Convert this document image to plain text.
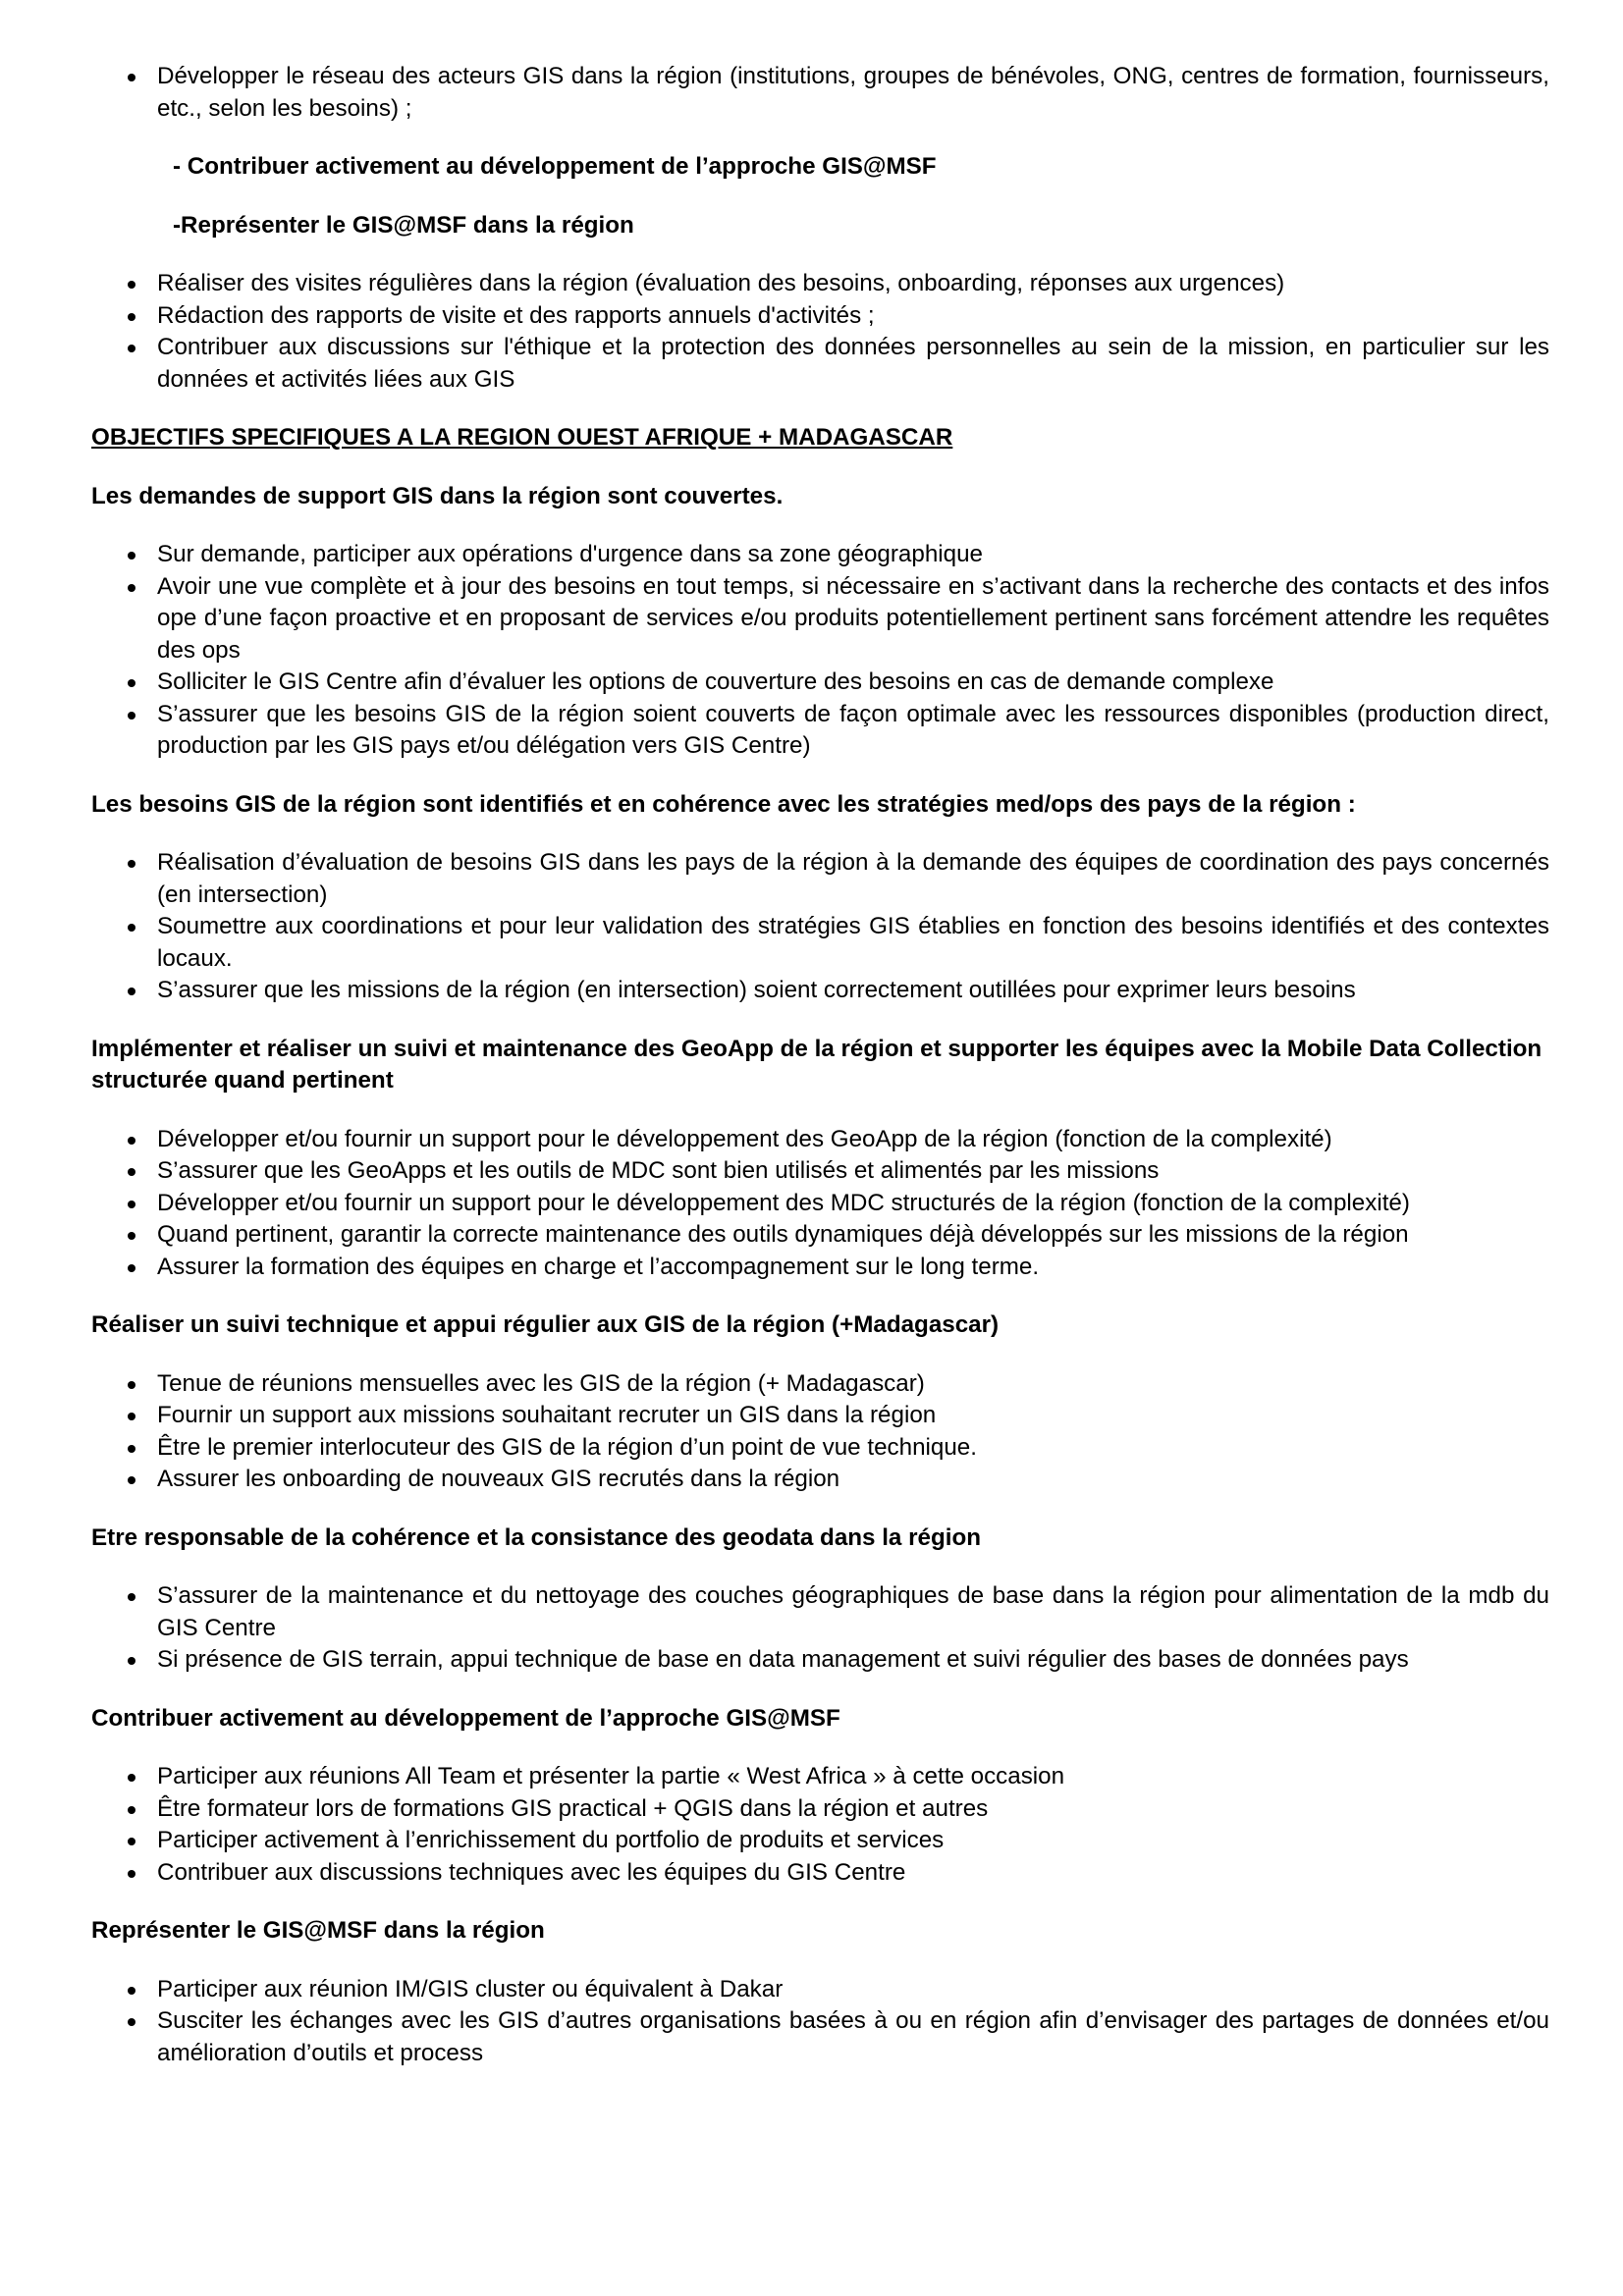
Développer le réseau des acteurs GIS dans la région (institutions, groupes de bénévoles, ONG, centres de formation, fournisseurs, etc., selon les besoins) ;

- Contribuer activement au développement de l’approche GIS@MSF

-Représenter le GIS@MSF dans la région

Réaliser des visites régulières dans la région (évaluation des besoins, onboarding, réponses aux urgences)
Rédaction des rapports de visite et des rapports annuels d'activités ;
Contribuer aux discussions sur l'éthique et la protection des données personnelles au sein de la mission, en particulier sur les données et activités liées aux GIS

OBJECTIFS SPECIFIQUES A LA REGION OUEST AFRIQUE + MADAGASCAR

Les demandes de support GIS dans la région sont couvertes.

Sur demande, participer aux opérations d'urgence dans sa zone géographique
Avoir une vue complète et à jour des besoins en tout temps, si nécessaire en s’activant dans la recherche des contacts et des infos ope d’une façon proactive et en proposant de services e/ou produits potentiellement pertinent sans forcément attendre les requêtes des ops
Solliciter le GIS Centre afin d’évaluer les options de couverture des besoins en cas de demande complexe
S’assurer que les besoins GIS de la région soient couverts de façon optimale avec les ressources disponibles (production direct, production par les GIS pays et/ou délégation vers GIS Centre)

Les besoins GIS de la région sont identifiés et en cohérence avec les stratégies med/ops des pays de la région :

Réalisation d’évaluation de besoins GIS dans les pays de la région à la demande des équipes de coordination des pays concernés (en intersection)
Soumettre aux coordinations et pour leur validation des stratégies GIS établies en fonction des besoins identifiés et des contextes locaux.
S’assurer que les missions de la région (en intersection) soient correctement outillées pour exprimer leurs besoins

Implémenter et réaliser un suivi et maintenance des GeoApp de la région et supporter les équipes avec la Mobile Data Collection structurée quand pertinent

Développer et/ou fournir un support pour le développement des GeoApp de la région (fonction de la complexité)
S’assurer que les GeoApps et les outils de MDC sont bien utilisés et alimentés par les missions
Développer et/ou fournir un support pour le développement des MDC structurés de la région (fonction de la complexité)
Quand pertinent, garantir la correcte maintenance des outils dynamiques déjà développés sur les missions de la région
Assurer la formation des équipes en charge et l’accompagnement sur le long terme.

Réaliser un suivi technique et appui régulier aux GIS de la région (+Madagascar)

Tenue de réunions mensuelles avec les GIS de la région (+ Madagascar)
Fournir un support aux missions souhaitant recruter un GIS dans la région
Être le premier interlocuteur des GIS de la région d’un point de vue technique.
Assurer les onboarding de nouveaux GIS recrutés dans la région

Etre responsable de la cohérence et la consistance des geodata dans la région

S’assurer de la maintenance et du nettoyage des couches géographiques de base dans la région pour alimentation de la mdb du GIS Centre
Si présence de GIS terrain, appui technique de base en data management et suivi régulier des bases de données pays

Contribuer activement au développement de l’approche GIS@MSF

Participer aux réunions All Team et présenter la partie « West Africa » à cette occasion
Être formateur lors de formations GIS practical + QGIS dans la région et autres
Participer activement à l’enrichissement du portfolio de produits et services
Contribuer aux discussions techniques avec les équipes du GIS Centre

Représenter le GIS@MSF dans la région

Participer aux réunion IM/GIS cluster ou équivalent à Dakar
Susciter les échanges avec les GIS d’autres organisations basées à ou en région afin d’envisager des partages de données et/ou amélioration d’outils et process
